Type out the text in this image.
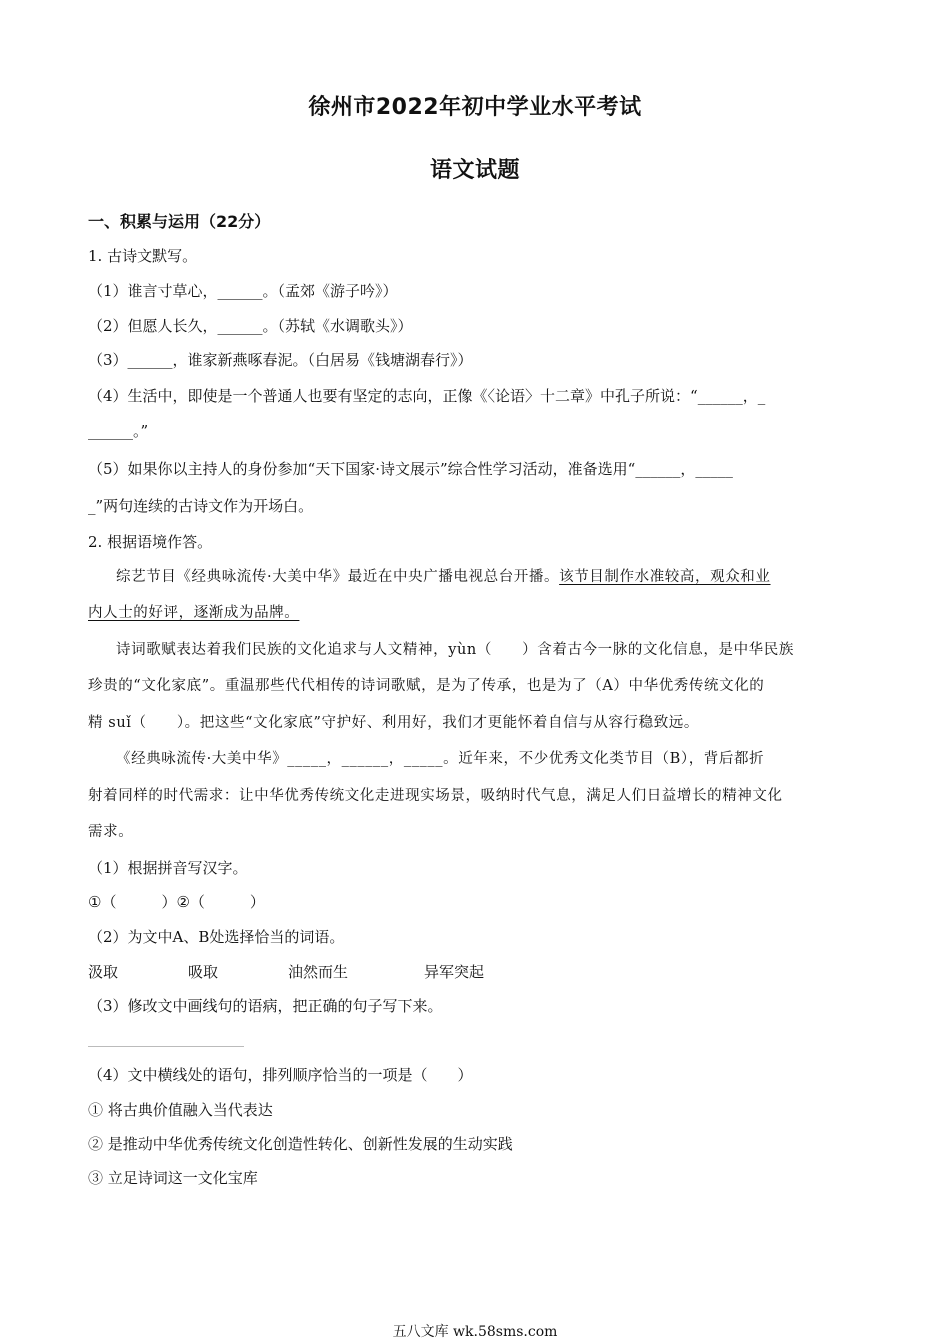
徐州市2022年初中学业水平考试
语文试题
一、积累与运用（22分）
1. 古诗文默写。
（1）谁言寸草心，______。（孟郊《游子吟》）
（2）但愿人长久，______。（苏轼《水调歌头》）
（3）______，谁家新燕啄春泥。（白居易《钱塘湖春行》）
（4）生活中，即使是一个普通人也要有坚定的志向，正像《〈论语〉十二章》中孔子所说：“______，_
______。”
（5）如果你以主持人的身份参加“天下国家·诗文展示”综合性学习活动，准备选用“______，_____
_”两句连续的古诗文作为开场白。
2. 根据语境作答。
综艺节目《经典咏流传·大美中华》最近在中央广播电视总台开播。该节目制作水准较高，观众和业
内人士的好评，逐渐成为品牌。
诗词歌赋表达着我们民族的文化追求与人文精神，yùn（　　）含着古今一脉的文化信息，是中华民族
珍贵的“文化家底”。重温那些代代相传的诗词歌赋，是为了传承，也是为了（A）中华优秀传统文化的
精 suǐ（　　）。把这些“文化家底”守护好、利用好，我们才更能怀着自信与从容行稳致远。
《经典咏流传·大美中华》_____，______，_____。近年来，不少优秀文化类节目（B），背后都折
射着同样的时代需求：让中华优秀传统文化走进现实场景，吸纳时代气息，满足人们日益增长的精神文化
需求。
（1）根据拼音写汉字。
①（　　　）②（　　　）
（2）为文中A、B处选择恰当的词语。
汲取	吸取	油然而生	异军突起
（3）修改文中画线句的语病，把正确的句子写下来。
（4）文中横线处的语句，排列顺序恰当的一项是（　　）
① 将古典价值融入当代表达
② 是推动中华优秀传统文化创造性转化、创新性发展的生动实践
③ 立足诗词这一文化宝库
五八文库 wk.58sms.com
